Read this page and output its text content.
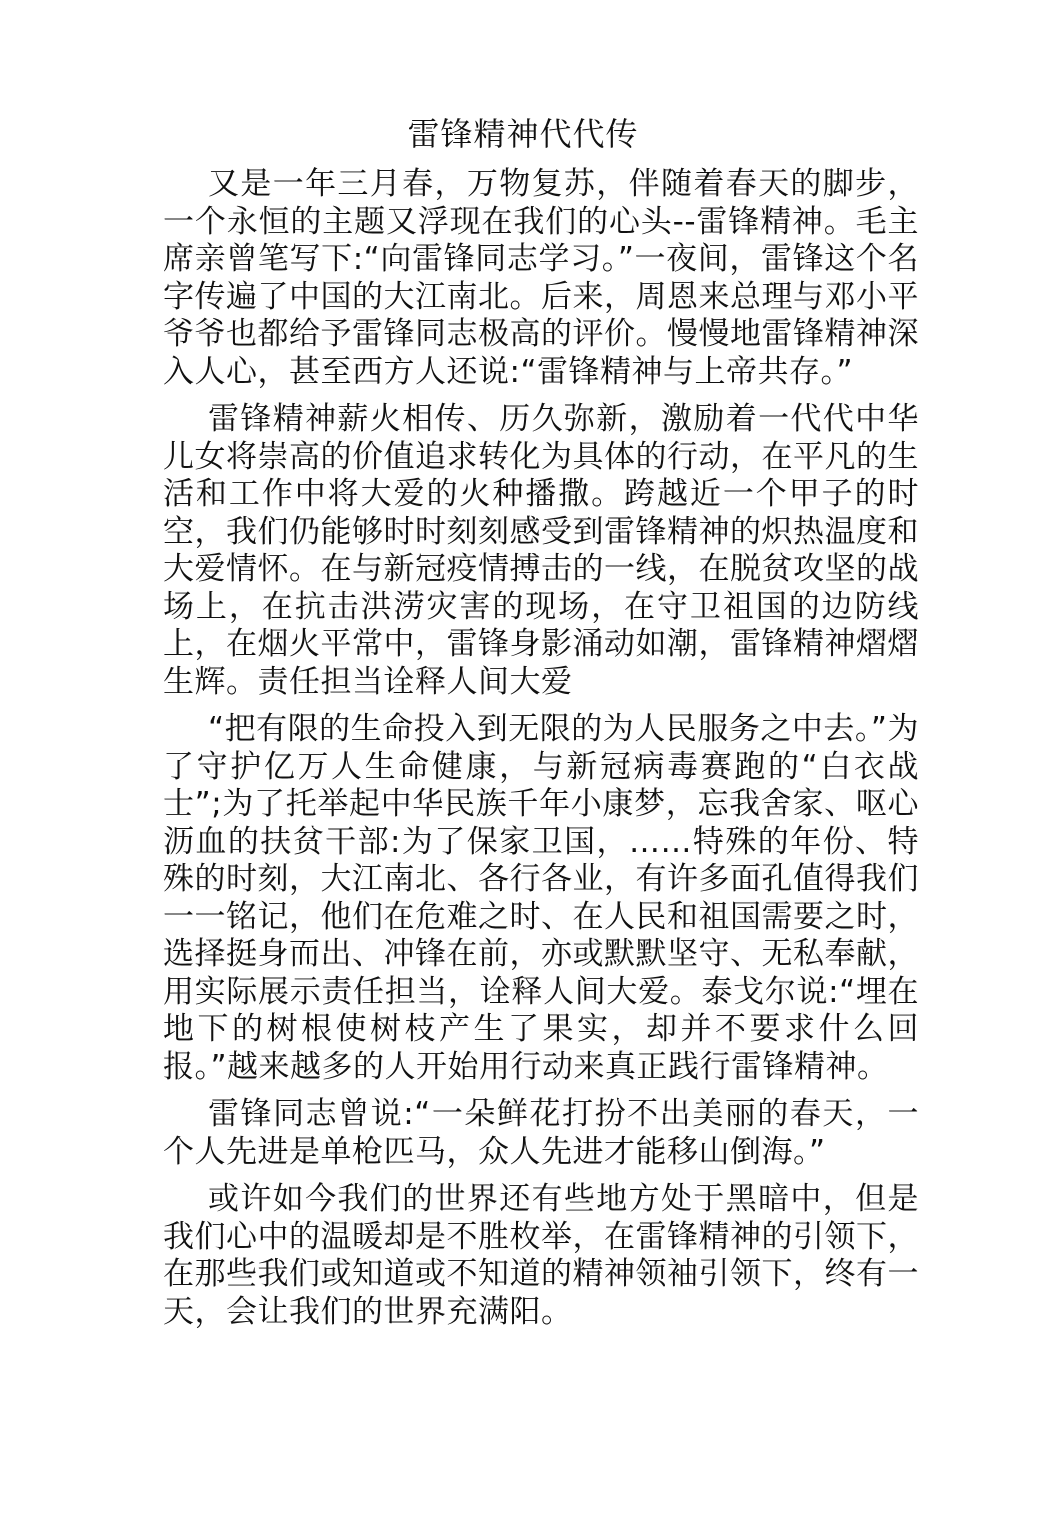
雷锋精神代代传

又是一年三月春，万物复苏，伴随着春天的脚步，一个永恒的主题又浮现在我们的心头--雷锋精神。毛主席亲曾笔写下:“向雷锋同志学习。”一夜间，雷锋这个名字传遍了中国的大江南北。后来，周恩来总理与邓小平爷爷也都给予雷锋同志极高的评价。慢慢地雷锋精神深入人心，甚至西方人还说:“雷锋精神与上帝共存。”

雷锋精神薪火相传、历久弥新，激励着一代代中华儿女将崇高的价值追求转化为具体的行动，在平凡的生活和工作中将大爱的火种播撒。跨越近一个甲子的时空，我们仍能够时时刻刻感受到雷锋精神的炽热温度和大爱情怀。在与新冠疫情搏击的一线，在脱贫攻坚的战场上，在抗击洪涝灾害的现场，在守卫祖国的边防线上，在烟火平常中，雷锋身影涌动如潮，雷锋精神熠熠生辉。责任担当诠释人间大爱

“把有限的生命投入到无限的为人民服务之中去。”为了守护亿万人生命健康，与新冠病毒赛跑的“白衣战士”;为了托举起中华民族千年小康梦，忘我舍家、呕心沥血的扶贫干部:为了保家卫国，……特殊的年份、特殊的时刻，大江南北、各行各业，有许多面孔值得我们一一铭记，他们在危难之时、在人民和祖国需要之时，选择挺身而出、冲锋在前，亦或默默坚守、无私奉献，用实际展示责任担当，诠释人间大爱。泰戈尔说:“埋在地下的树根使树枝产生了果实，却并不要求什么回报。”越来越多的人开始用行动来真正践行雷锋精神。

雷锋同志曾说:“一朵鲜花打扮不出美丽的春天，一个人先进是单枪匹马，众人先进才能移山倒海。”

或许如今我们的世界还有些地方处于黑暗中，但是我们心中的温暖却是不胜枚举，在雷锋精神的引领下，在那些我们或知道或不知道的精神领袖引领下，终有一天，会让我们的世界充满阳。
